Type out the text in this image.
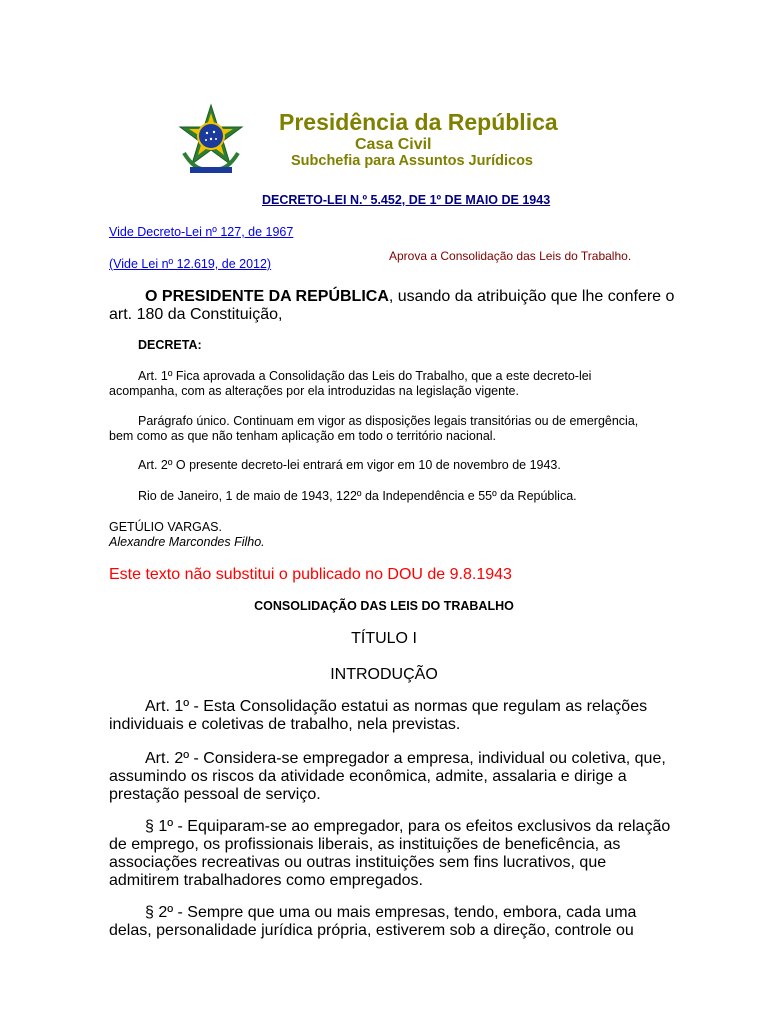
Presidência da República
Casa Civil
Subchefia para Assuntos Jurídicos
DECRETO-LEI N.º 5.452, DE 1º DE MAIO DE 1943
Vide Decreto-Lei nº 127, de 1967
(Vide Lei nº 12.619, de 2012)
Aprova a Consolidação das Leis do Trabalho.
O PRESIDENTE DA REPÚBLICA, usando da atribuição que lhe confere o
art. 180 da Constituição,
DECRETA:
Art. 1º Fica aprovada a Consolidação das Leis do Trabalho, que a este decreto-lei
acompanha, com as alterações por ela introduzidas na legislação vigente.
Parágrafo único. Continuam em vigor as disposições legais transitórias ou de emergência,
bem como as que não tenham aplicação em todo o território nacional.
Art. 2º O presente decreto-lei entrará em vigor em 10 de novembro de 1943.
Rio de Janeiro, 1 de maio de 1943, 122º da Independência e 55º da República.
GETÚLIO VARGAS.
Alexandre Marcondes Filho.
Este texto não substitui o publicado no DOU de 9.8.1943
CONSOLIDAÇÃO DAS LEIS DO TRABALHO
TÍTULO I
INTRODUÇÃO
Art. 1º - Esta Consolidação estatui as normas que regulam as relações
individuais e coletivas de trabalho, nela previstas.
Art. 2º - Considera-se empregador a empresa, individual ou coletiva, que,
assumindo os riscos da atividade econômica, admite, assalaria e dirige a
prestação pessoal de serviço.
§ 1º - Equiparam-se ao empregador, para os efeitos exclusivos da relação
de emprego, os profissionais liberais, as instituições de beneficência, as
associações recreativas ou outras instituições sem fins lucrativos, que
admitirem trabalhadores como empregados.
§ 2º - Sempre que uma ou mais empresas, tendo, embora, cada uma
delas, personalidade jurídica própria, estiverem sob a direção, controle ou
